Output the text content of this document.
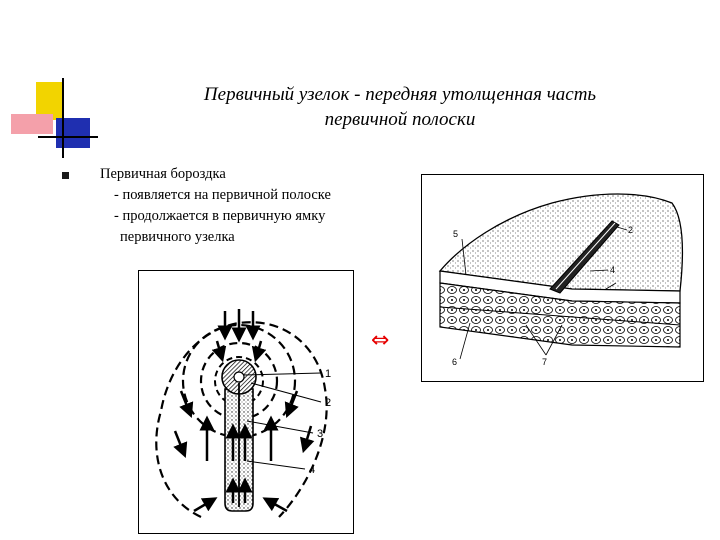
Первичный узелок - передняя утолщенная часть
первичной полоски
Первичная бороздка
- появляется на первичной полоске
- продолжается в первичную ямку
первичного узелка
⇔
1
2
3
4
2
4
5
6	7
